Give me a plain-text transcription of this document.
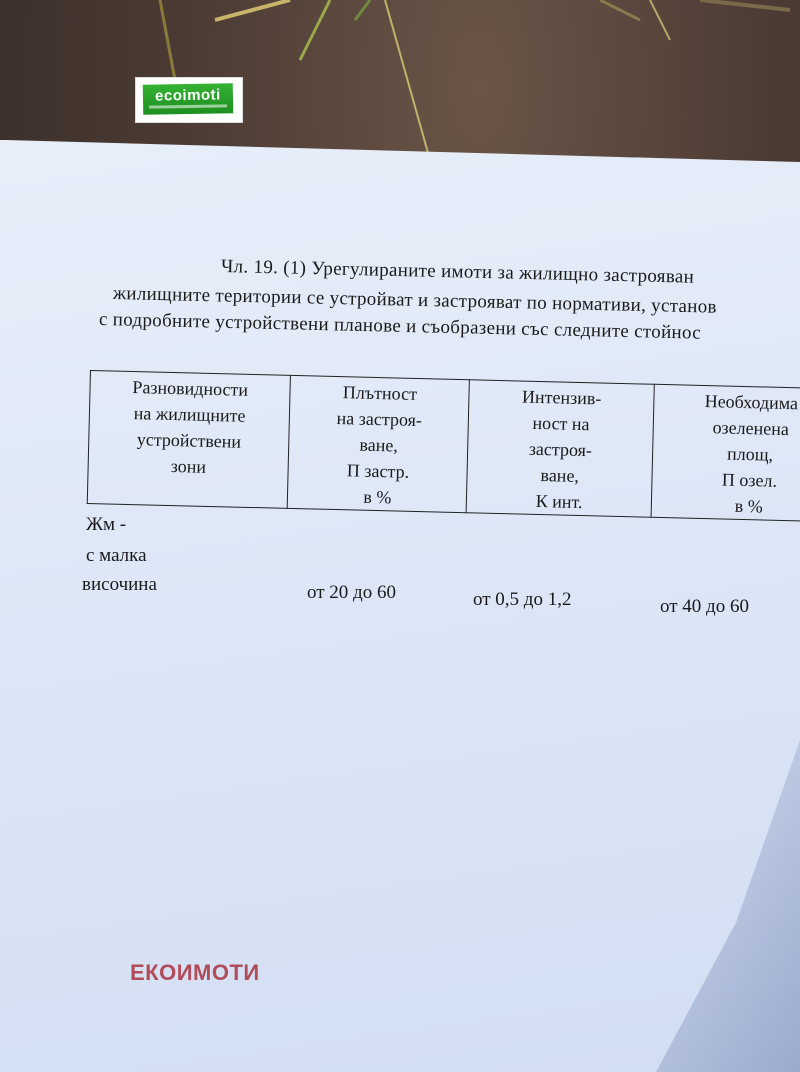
ecoimoti
Чл. 19. (1) Урегулираните имоти за жилищно застрояван
жилищните територии се устройват и застрояват по нормативи, установ
с подробните устройствени планове и съобразени със следните стойнос
Разновидности
на жилищните
устройствени
зони

Плътност
на застроя-
ване,
П застр.
в %

Интензив-
ност на
застроя-
ване,
К инт.

Необходима
озеленена
площ,
П озел.
в %
Жм -
с малка
височина	от 20 до 60	от 0,5 до 1,2	от 40 до 60
ЕКОИМОТИ
